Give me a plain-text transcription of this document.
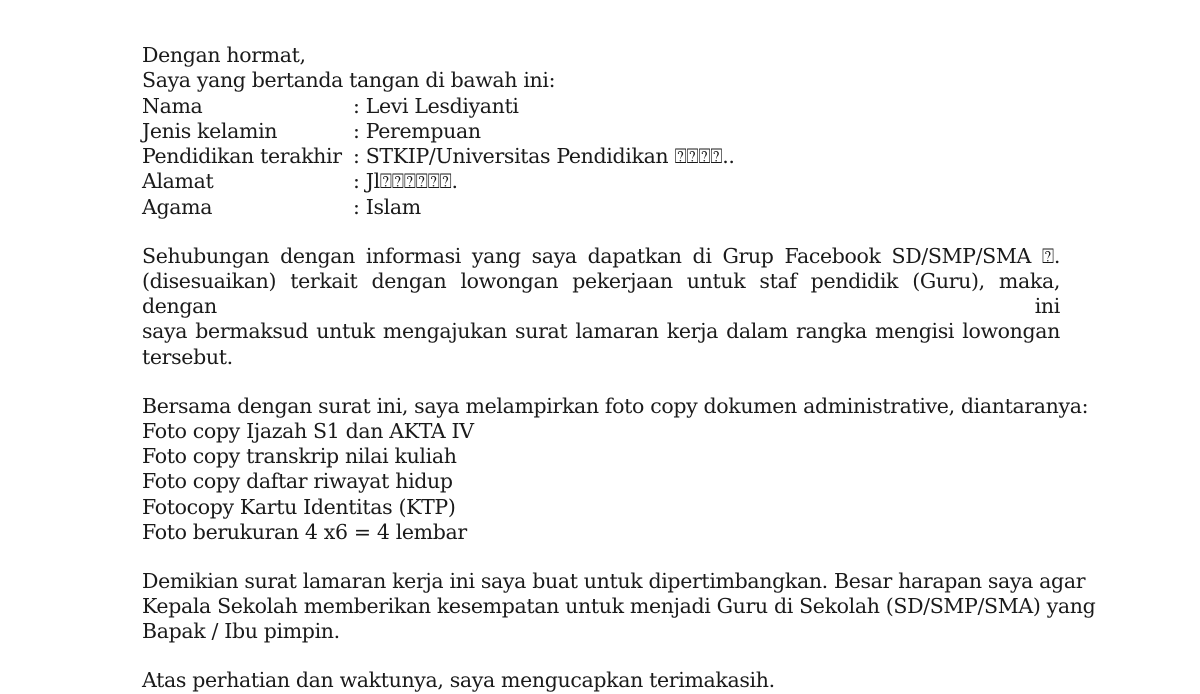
Dengan hormat,
Saya yang bertanda tangan di bawah ini:
Nama	: Levi Lesdiyanti
Jenis kelamin	: Perempuan
Pendidikan terakhir : STKIP/Universitas Pendidikan ⍰⍰⍰⍰..
Alamat	: Jl⍰⍰⍰⍰⍰⍰.
Agama	: Islam
Sehubungan dengan informasi yang saya dapatkan di Grup Facebook SD/SMP/SMA ⍰.
(disesuaikan) terkait dengan lowongan pekerjaan untuk staf pendidik (Guru), maka, dengan ini
saya bermaksud untuk mengajukan surat lamaran kerja dalam rangka mengisi lowongan tersebut.
Bersama dengan surat ini, saya melampirkan foto copy dokumen administrative, diantaranya:
Foto copy Ijazah S1 dan AKTA IV
Foto copy transkrip nilai kuliah
Foto copy daftar riwayat hidup
Fotocopy Kartu Identitas (KTP)
Foto berukuran 4 x6 = 4 lembar
Demikian surat lamaran kerja ini saya buat untuk dipertimbangkan. Besar harapan saya agar
Kepala Sekolah memberikan kesempatan untuk menjadi Guru di Sekolah (SD/SMP/SMA) yang
Bapak / Ibu pimpin.
Atas perhatian dan waktunya, saya mengucapkan terimakasih.
